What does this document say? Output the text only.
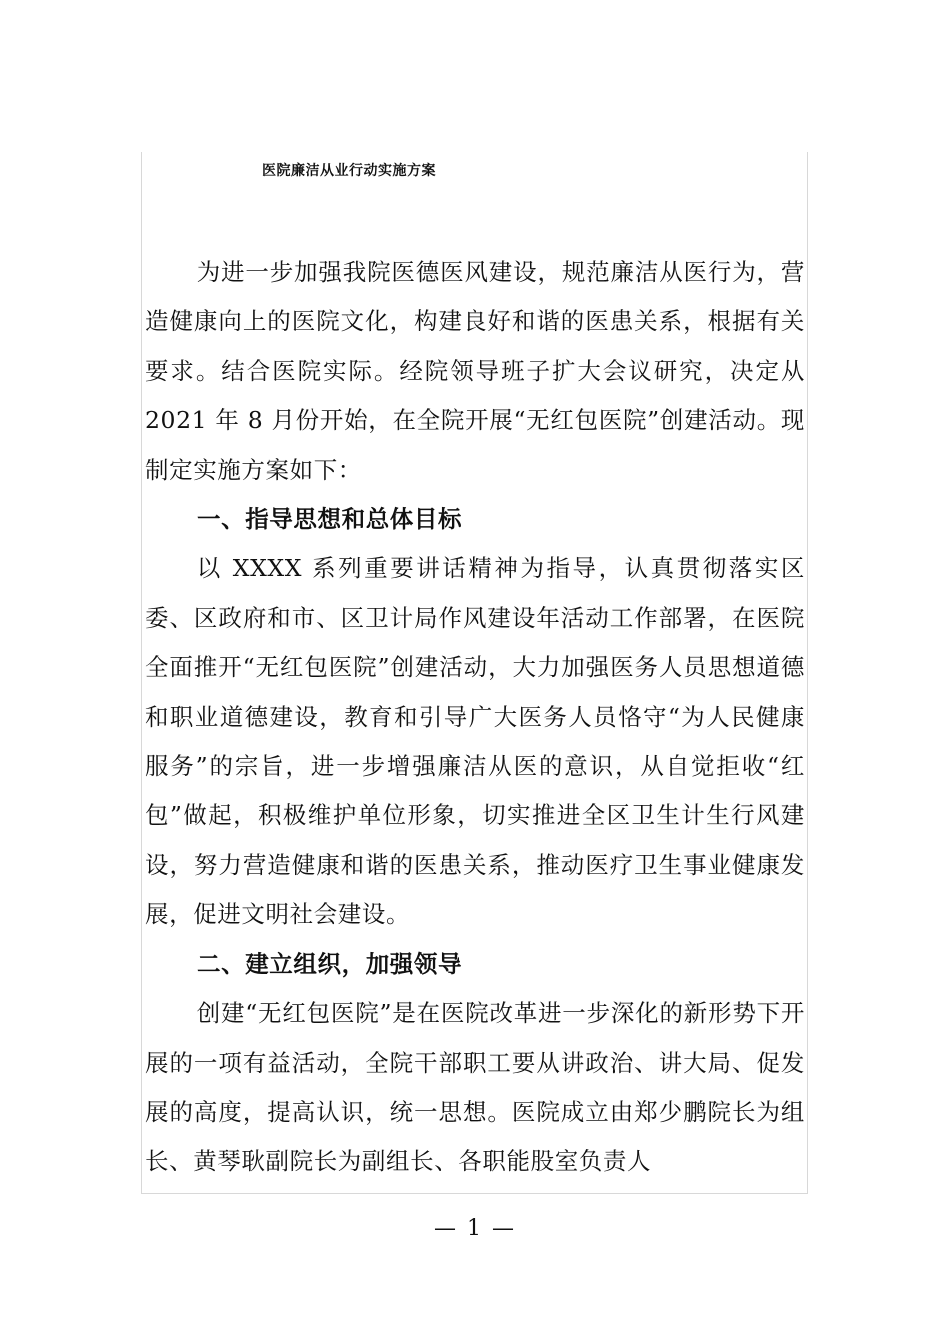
医院廉洁从业行动实施方案

为进一步加强我院医德医风建设，规范廉洁从医行为，营造健康向上的医院文化，构建良好和谐的医患关系，根据有关要求。结合医院实际。经院领导班子扩大会议研究，决定从 2021 年 8 月份开始，在全院开展“无红包医院”创建活动。现制定实施方案如下：

一、指导思想和总体目标

以 XXXX 系列重要讲话精神为指导，认真贯彻落实区委、区政府和市、区卫计局作风建设年活动工作部署，在医院全面推开“无红包医院”创建活动，大力加强医务人员思想道德和职业道德建设，教育和引导广大医务人员恪守“为人民健康服务”的宗旨，进一步增强廉洁从医的意识，从自觉拒收“红包”做起，积极维护单位形象，切实推进全区卫生计生行风建设，努力营造健康和谐的医患关系，推动医疗卫生事业健康发展，促进文明社会建设。

二、建立组织，加强领导

创建“无红包医院”是在医院改革进一步深化的新形势下开展的一项有益活动，全院干部职工要从讲政治、讲大局、促发展的高度，提高认识，统一思想。医院成立由郑少鹏院长为组长、黄琴耿副院长为副组长、各职能股室负责人

— 1 —
